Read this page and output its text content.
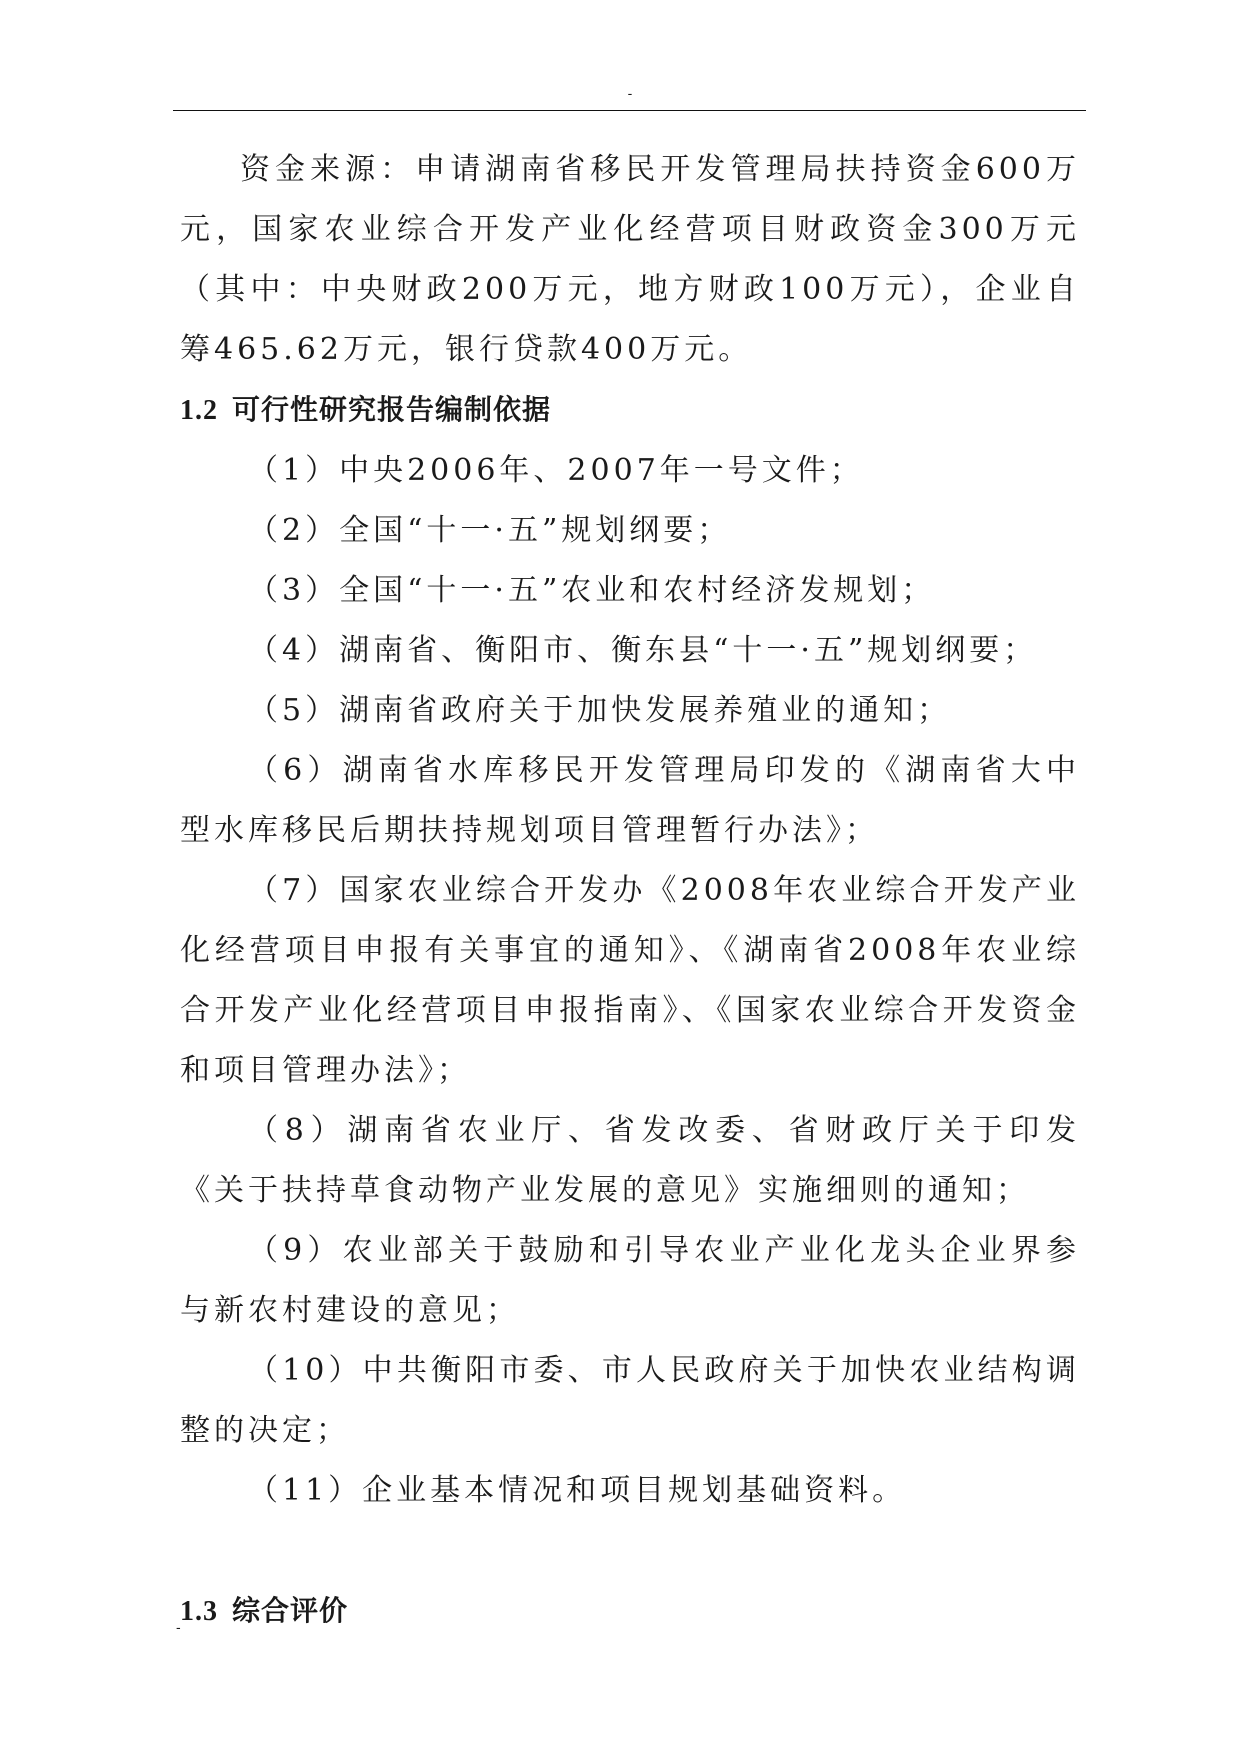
-

资金来源：申请湖南省移民开发管理局扶持资金600万元，国家农业综合开发产业化经营项目财政资金300万元（其中：中央财政200万元，地方财政100万元），企业自筹465.62万元，银行贷款400万元。

1.2 可行性研究报告编制依据

（1）中央2006年、2007年一号文件；

（2）全国“十一·五”规划纲要；

（3）全国“十一·五”农业和农村经济发规划；

（4）湖南省、衡阳市、衡东县“十一·五”规划纲要；

（5）湖南省政府关于加快发展养殖业的通知；

（6）湖南省水库移民开发管理局印发的《湖南省大中型水库移民后期扶持规划项目管理暂行办法》；

（7）国家农业综合开发办《2008年农业综合开发产业化经营项目申报有关事宜的通知》、《湖南省2008年农业综合开发产业化经营项目申报指南》、《国家农业综合开发资金和项目管理办法》；

（8）湖南省农业厅、省发改委、省财政厅关于印发《关于扶持草食动物产业发展的意见》实施细则的通知；

（9）农业部关于鼓励和引导农业产业化龙头企业界参与新农村建设的意见；

（10）中共衡阳市委、市人民政府关于加快农业结构调整的决定；

（11）企业基本情况和项目规划基础资料。

1.3 综合评价
-
